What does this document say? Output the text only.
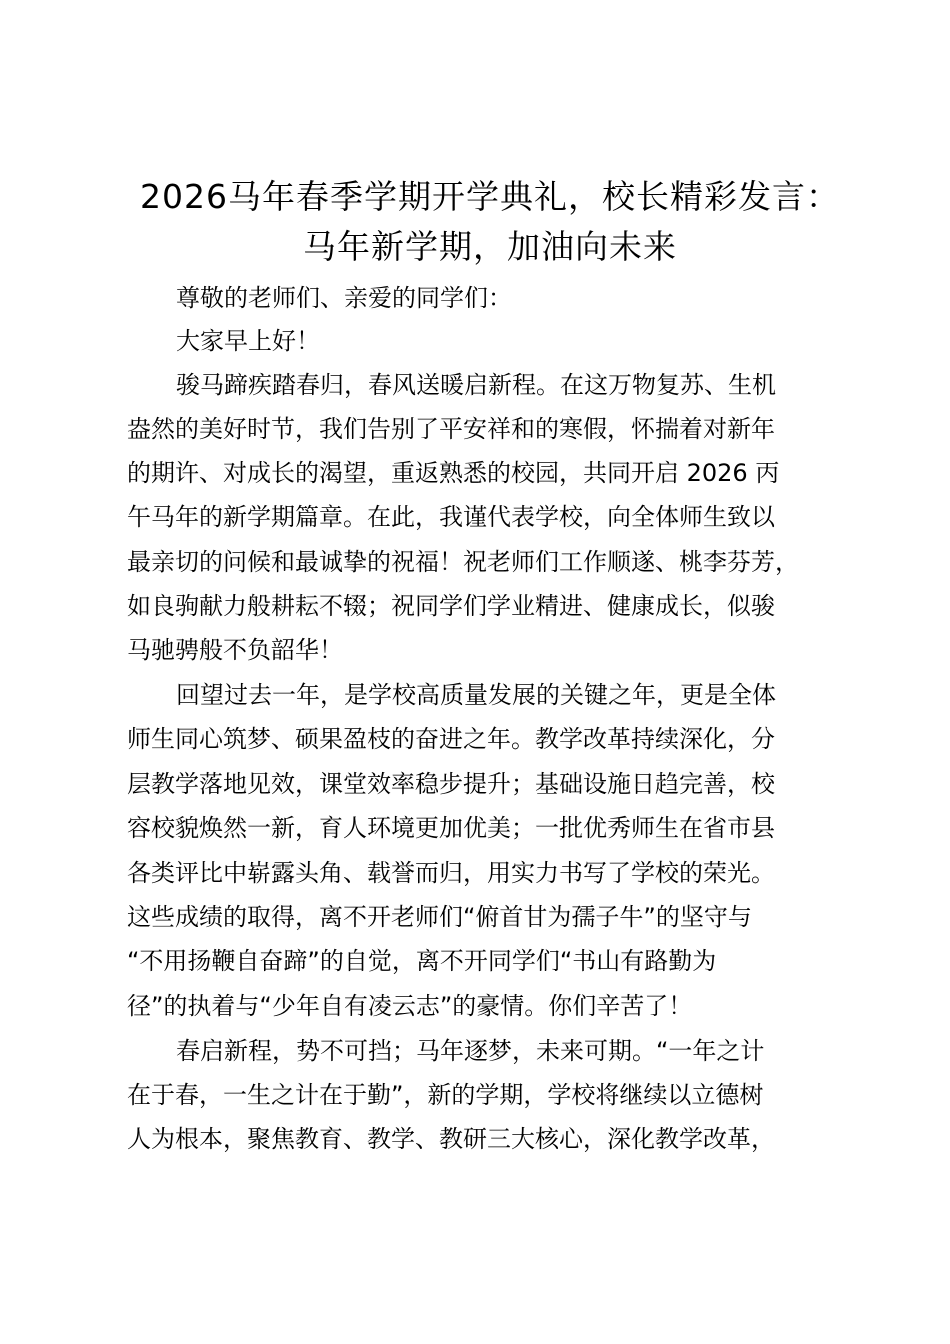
2026马年春季学期开学典礼，校长精彩发言：
马年新学期，加油向未来
尊敬的老师们、亲爱的同学们：
大家早上好！
骏马蹄疾踏春归，春风送暖启新程。在这万物复苏、生机
盎然的美好时节，我们告别了平安祥和的寒假，怀揣着对新年
的期许、对成长的渴望，重返熟悉的校园，共同开启 2026 丙
午马年的新学期篇章。在此，我谨代表学校，向全体师生致以
最亲切的问候和最诚挚的祝福！祝老师们工作顺遂、桃李芬芳，
如良驹献力般耕耘不辍；祝同学们学业精进、健康成长，似骏
马驰骋般不负韶华！
回望过去一年，是学校高质量发展的关键之年，更是全体
师生同心筑梦、硕果盈枝的奋进之年。教学改革持续深化，分
层教学落地见效，课堂效率稳步提升；基础设施日趋完善，校
容校貌焕然一新，育人环境更加优美；一批优秀师生在省市县
各类评比中崭露头角、载誉而归，用实力书写了学校的荣光。
这些成绩的取得，离不开老师们“俯首甘为孺子牛”的坚守与
“不用扬鞭自奋蹄”的自觉，离不开同学们“书山有路勤为
径”的执着与“少年自有凌云志”的豪情。你们辛苦了！
春启新程，势不可挡；马年逐梦，未来可期。“一年之计
在于春，一生之计在于勤”，新的学期，学校将继续以立德树
人为根本，聚焦教育、教学、教研三大核心，深化教学改革，
